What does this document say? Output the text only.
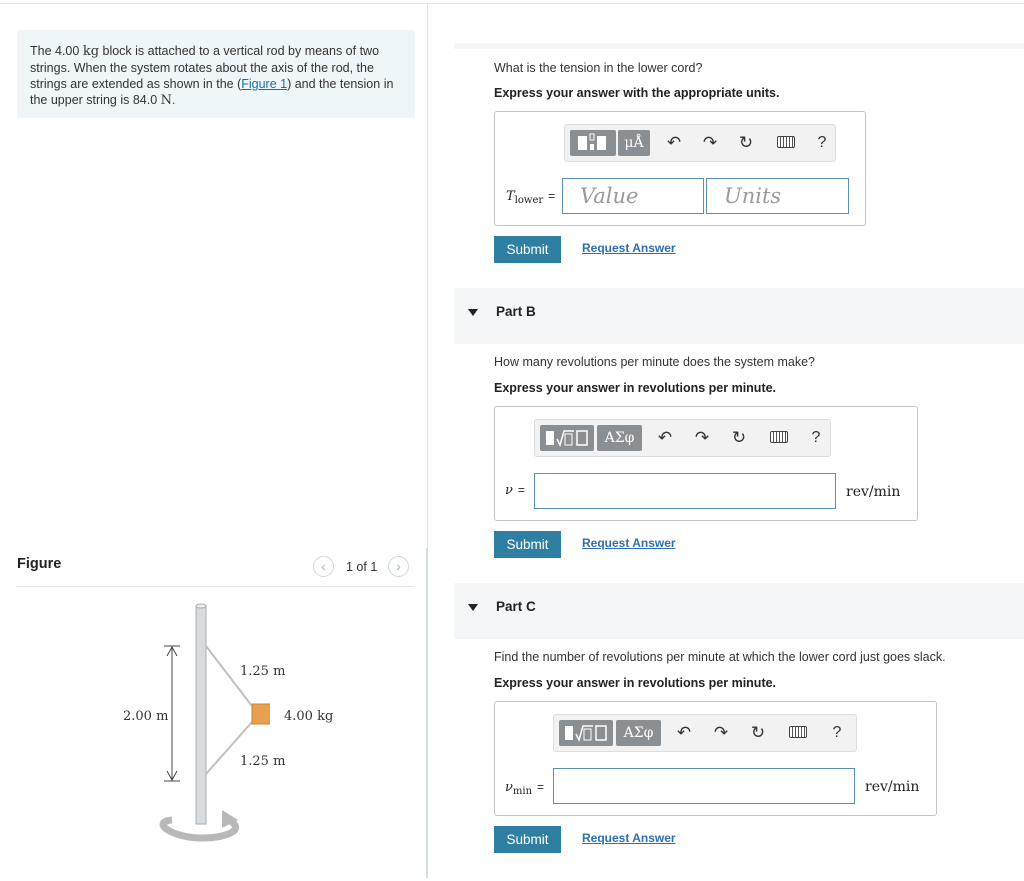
The 4.00 kg block is attached to a vertical rod by means of two
strings. When the system rotates about the axis of the rod, the
strings are extended as shown in the (Figure 1) and the tension in
the upper string is 84.0 N.
Figure	‹	1 of 1	›
1.25 m
1.25 m
2.00 m	4.00 kg
What is the tension in the lower cord?
Express your answer with the appropriate units.
μÅ	↶ ↷ ↻	?
$T_{lower}$ =	Value	Units
Submit	Request Answer
Part B
How many revolutions per minute does the system make?
Express your answer in revolutions per minute.
ΑΣφ	↶ ↷ ↻	?
ν =	rev/min
Submit	Request Answer
Part C
Find the number of revolutions per minute at which the lower cord just goes slack.
Express your answer in revolutions per minute.
ΑΣφ	↶ ↷ ↻	?
$\nu_{min}$ =	rev/min
Submit	Request Answer
